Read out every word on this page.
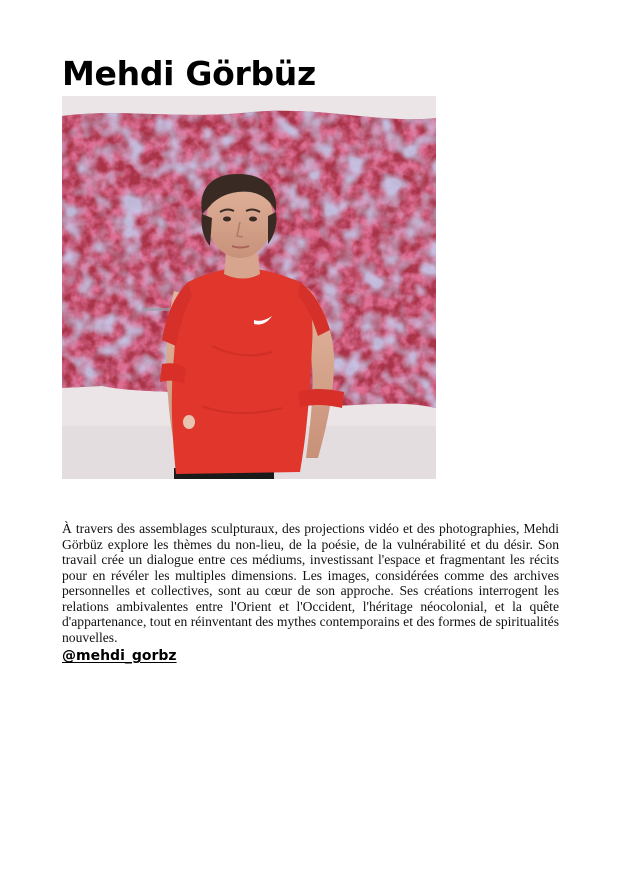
Mehdi Görbüz

À travers des assemblages sculpturaux, des projections vidéo et des photographies, Mehdi Görbüz explore les thèmes du non-lieu, de la poésie, de la vulnérabilité et du désir. Son travail crée un dialogue entre ces médiums, investissant l'espace et fragmentant les récits pour en révéler les multiples dimensions. Les images, considérées comme des archives personnelles et collectives, sont au cœur de son approche. Ses créations interrogent les relations ambivalentes entre l'Orient et l'Occident, l'héritage néocolonial, et la quête d'appartenance, tout en réinventant des mythes contemporains et des formes de spiritualités nouvelles.

@mehdi_gorbz
